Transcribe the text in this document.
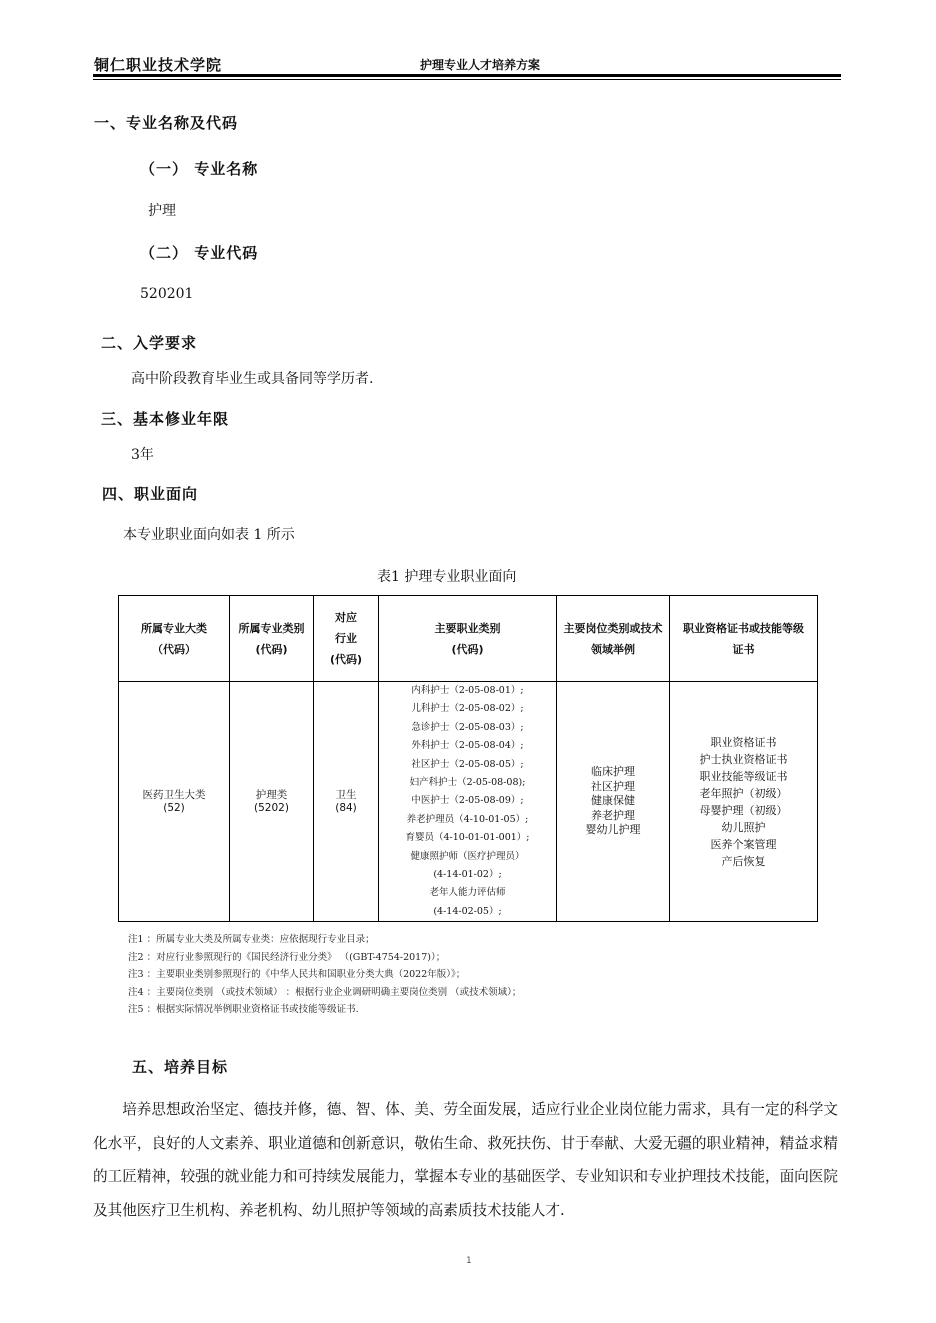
铜仁职业技术学院	护理专业人才培养方案
一、专业名称及代码
（一） 专业名称
护理
（二） 专业代码
520201
二、入学要求
高中阶段教育毕业生或具备同等学历者.
三、基本修业年限
3年
四、职业面向
本专业职业面向如表 1 所示
表1 护理专业职业面向
所属专业大类
（代码）

所属专业类别
(代码)

对应
行业
(代码)

主要职业类别
(代码)

主要岗位类别或技术
领域举例

职业资格证书或技能等级
证书

医药卫生大类
(52)

护理类
(5202)

卫生
(84)

内科护士（2-05-08-01）;
儿科护士（2-05-08-02）;
急诊护士（2-05-08-03）;
外科护士（2-05-08-04）;
社区护士（2-05-08-05）;
妇产科护士（2-05-08-08);
中医护士（2-05-08-09）;
养老护理员（4-10-01-05）;
育婴员（4-10-01-01-001）;
健康照护师（医疗护理员）
(4-14-01-02）;
老年人能力评估师
(4-14-02-05）;

临床护理
社区护理
健康保健
养老护理
婴幼儿护理

职业资格证书
护士执业资格证书
职业技能等级证书
老年照护（初级）
母婴护理（初级）
幼儿照护
医养个案管理
产后恢复
注1 ：所属专业大类及所属专业类：应依据现行专业目录；
注2 ：对应行业参照现行的《国民经济行业分类》 （(GBT-4754-2017)）；
注3 ：主要职业类别参照现行的《中华人民共和国职业分类大典（2022年版）》；
注4 ：主要岗位类别 （或技术领域） ：根据行业企业调研明确主要岗位类别 （或技术领域）；
注5 ：根据实际情况举例职业资格证书或技能等级证书.
五、培养目标
培养思想政治坚定、德技并修，德、智、体、美、劳全面发展，适应行业企业岗位能力需求，具有一定的科学文化水平，良好的人文素养、职业道德和创新意识，敬佑生命、救死扶伤、甘于奉献、大爱无疆的职业精神，精益求精的工匠精神，较强的就业能力和可持续发展能力，掌握本专业的基础医学、专业知识和专业护理技术技能，面向医院及其他医疗卫生机构、养老机构、幼儿照护等领域的高素质技术技能人才.
1
